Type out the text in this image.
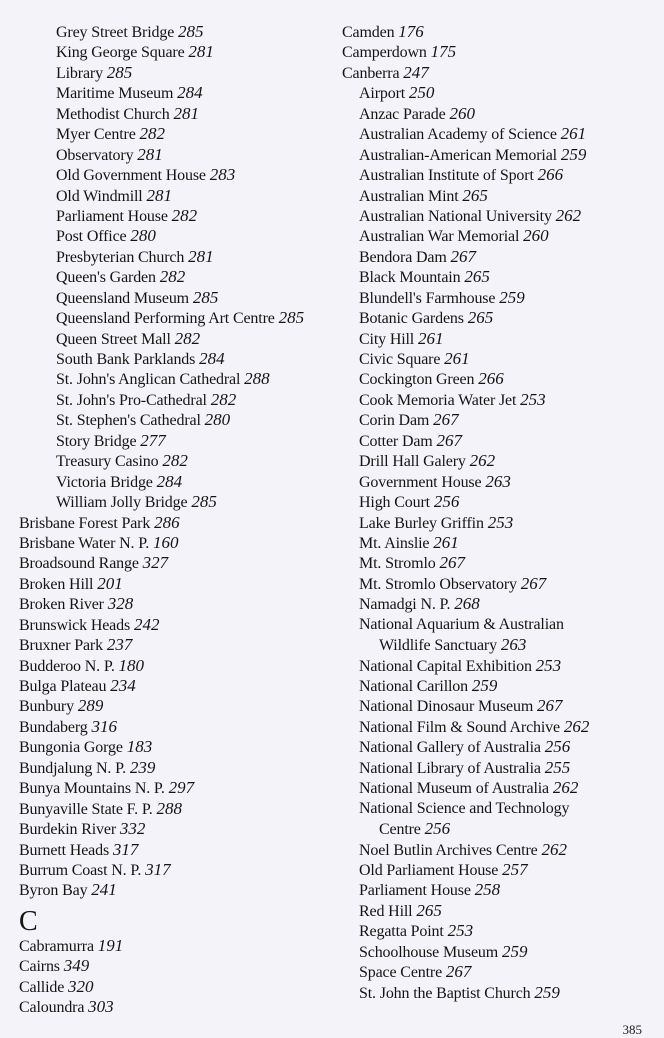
Grey Street Bridge 285
King George Square 281
Library 285
Maritime Museum 284
Methodist Church 281
Myer Centre 282
Observatory 281
Old Government House 283
Old Windmill 281
Parliament House 282
Post Office 280
Presbyterian Church 281
Queen's Garden 282
Queensland Museum 285
Queensland Performing Art Centre 285
Queen Street Mall 282
South Bank Parklands 284
St. John's Anglican Cathedral 288
St. John's Pro-Cathedral 282
St. Stephen's Cathedral 280
Story Bridge 277
Treasury Casino 282
Victoria Bridge 284
William Jolly Bridge 285
Brisbane Forest Park 286
Brisbane Water N. P. 160
Broadsound Range 327
Broken Hill 201
Broken River 328
Brunswick Heads 242
Bruxner Park 237
Budderoo N. P. 180
Bulga Plateau 234
Bunbury 289
Bundaberg 316
Bungonia Gorge 183
Bundjalung N. P. 239
Bunya Mountains N. P. 297
Bunyaville State F. P. 288
Burdekin River 332
Burnett Heads 317
Burrum Coast N. P. 317
Byron Bay 241
C
Cabramurra 191
Cairns 349
Callide 320
Caloundra 303
Camden 176
Camperdown 175
Canberra 247
Airport 250
Anzac Parade 260
Australian Academy of Science 261
Australian-American Memorial 259
Australian Institute of Sport 266
Australian Mint 265
Australian National University 262
Australian War Memorial 260
Bendora Dam 267
Black Mountain 265
Blundell's Farmhouse 259
Botanic Gardens 265
City Hill 261
Civic Square 261
Cockington Green 266
Cook Memoria Water Jet 253
Corin Dam 267
Cotter Dam 267
Drill Hall Galery 262
Government House 263
High Court 256
Lake Burley Griffin 253
Mt. Ainslie 261
Mt. Stromlo 267
Mt. Stromlo Observatory 267
Namadgi N. P. 268
National Aquarium & Australian
Wildlife Sanctuary 263
National Capital Exhibition 253
National Carillon 259
National Dinosaur Museum 267
National Film & Sound Archive 262
National Gallery of Australia 256
National Library of Australia 255
National Museum of Australia 262
National Science and Technology
Centre 256
Noel Butlin Archives Centre 262
Old Parliament House 257
Parliament House 258
Red Hill 265
Regatta Point 253
Schoolhouse Museum 259
Space Centre 267
St. John the Baptist Church 259
385
